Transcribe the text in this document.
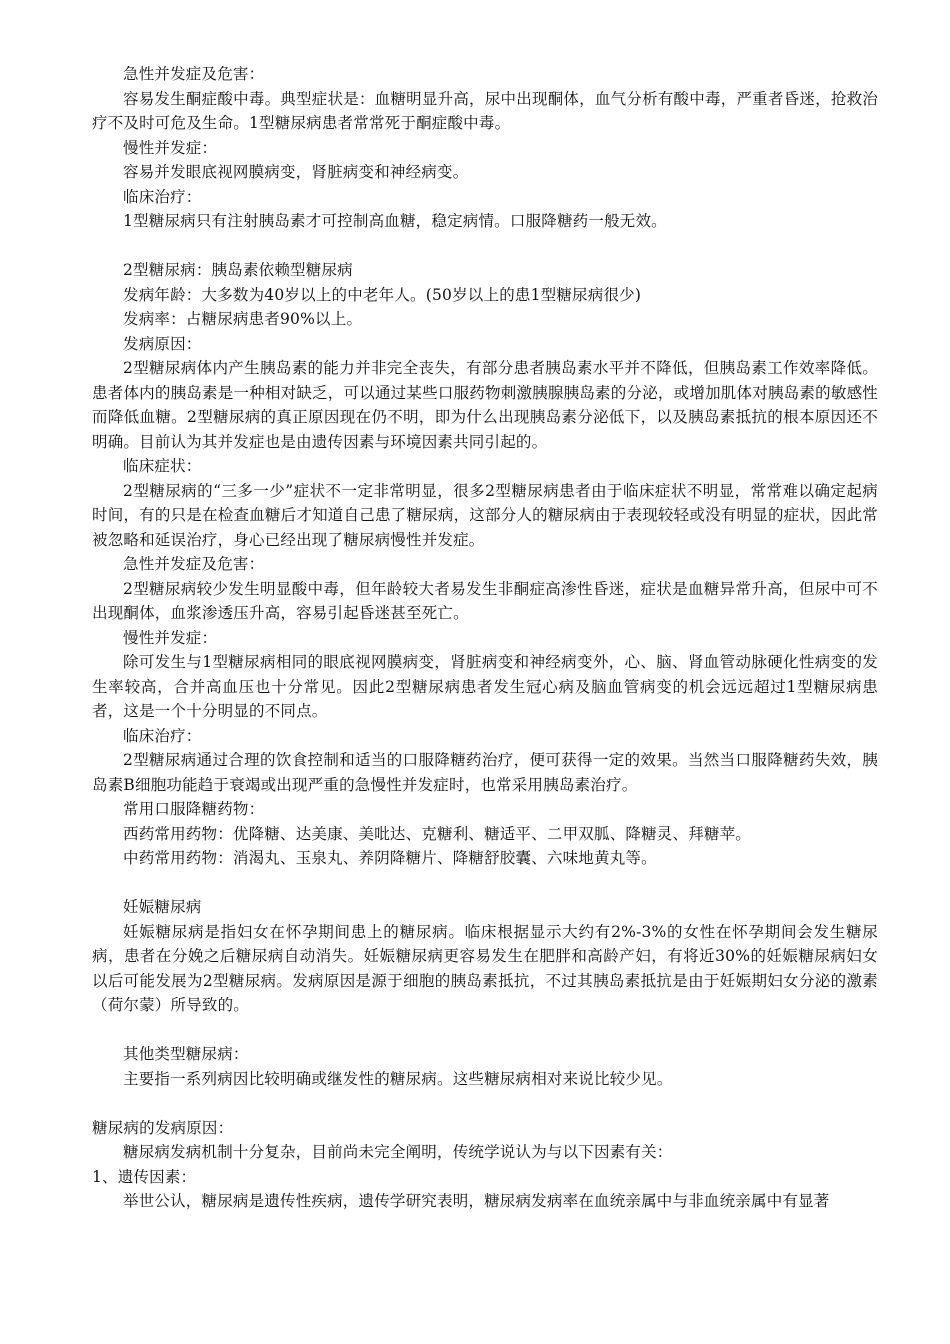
急性并发症及危害：

容易发生酮症酸中毒。典型症状是：血糖明显升高，尿中出现酮体，血气分析有酸中毒，严重者昏迷，抢救治疗不及时可危及生命。1型糖尿病患者常常死于酮症酸中毒。

慢性并发症：

容易并发眼底视网膜病变，肾脏病变和神经病变。

临床治疗：

1型糖尿病只有注射胰岛素才可控制高血糖，稳定病情。口服降糖药一般无效。

2型糖尿病：胰岛素依赖型糖尿病

发病年龄：大多数为40岁以上的中老年人。(50岁以上的患1型糖尿病很少)

发病率：占糖尿病患者90%以上。

发病原因：

2型糖尿病体内产生胰岛素的能力并非完全丧失，有部分患者胰岛素水平并不降低，但胰岛素工作效率降低。患者体内的胰岛素是一种相对缺乏，可以通过某些口服药物刺激胰腺胰岛素的分泌，或增加肌体对胰岛素的敏感性而降低血糖。2型糖尿病的真正原因现在仍不明，即为什么出现胰岛素分泌低下，以及胰岛素抵抗的根本原因还不明确。目前认为其并发症也是由遗传因素与环境因素共同引起的。

临床症状：

2型糖尿病的“三多一少”症状不一定非常明显，很多2型糖尿病患者由于临床症状不明显，常常难以确定起病时间，有的只是在检查血糖后才知道自己患了糖尿病，这部分人的糖尿病由于表现较轻或没有明显的症状，因此常被忽略和延误治疗，身心已经出现了糖尿病慢性并发症。

急性并发症及危害：

2型糖尿病较少发生明显酸中毒，但年龄较大者易发生非酮症高渗性昏迷，症状是血糖异常升高，但尿中可不出现酮体，血浆渗透压升高，容易引起昏迷甚至死亡。

慢性并发症：

除可发生与1型糖尿病相同的眼底视网膜病变，肾脏病变和神经病变外，心、脑、肾血管动脉硬化性病变的发生率较高，合并高血压也十分常见。因此2型糖尿病患者发生冠心病及脑血管病变的机会远远超过1型糖尿病患者，这是一个十分明显的不同点。

临床治疗：

2型糖尿病通过合理的饮食控制和适当的口服降糖药治疗，便可获得一定的效果。当然当口服降糖药失效，胰岛素B细胞功能趋于衰竭或出现严重的急慢性并发症时，也常采用胰岛素治疗。

常用口服降糖药物：

西药常用药物：优降糖、达美康、美吡达、克糖利、糖适平、二甲双胍、降糖灵、拜糖苹。

中药常用药物：消渴丸、玉泉丸、养阴降糖片、降糖舒胶囊、六味地黄丸等。

妊娠糖尿病

妊娠糖尿病是指妇女在怀孕期间患上的糖尿病。临床根据显示大约有2%-3%的女性在怀孕期间会发生糖尿病，患者在分娩之后糖尿病自动消失。妊娠糖尿病更容易发生在肥胖和高龄产妇，有将近30%的妊娠糖尿病妇女以后可能发展为2型糖尿病。发病原因是源于细胞的胰岛素抵抗，不过其胰岛素抵抗是由于妊娠期妇女分泌的激素（荷尔蒙）所导致的。

其他类型糖尿病：

主要指一系列病因比较明确或继发性的糖尿病。这些糖尿病相对来说比较少见。

糖尿病的发病原因：

糖尿病发病机制十分复杂，目前尚未完全阐明，传统学说认为与以下因素有关：

1、遗传因素：

举世公认，糖尿病是遗传性疾病，遗传学研究表明，糖尿病发病率在血统亲属中与非血统亲属中有显著
